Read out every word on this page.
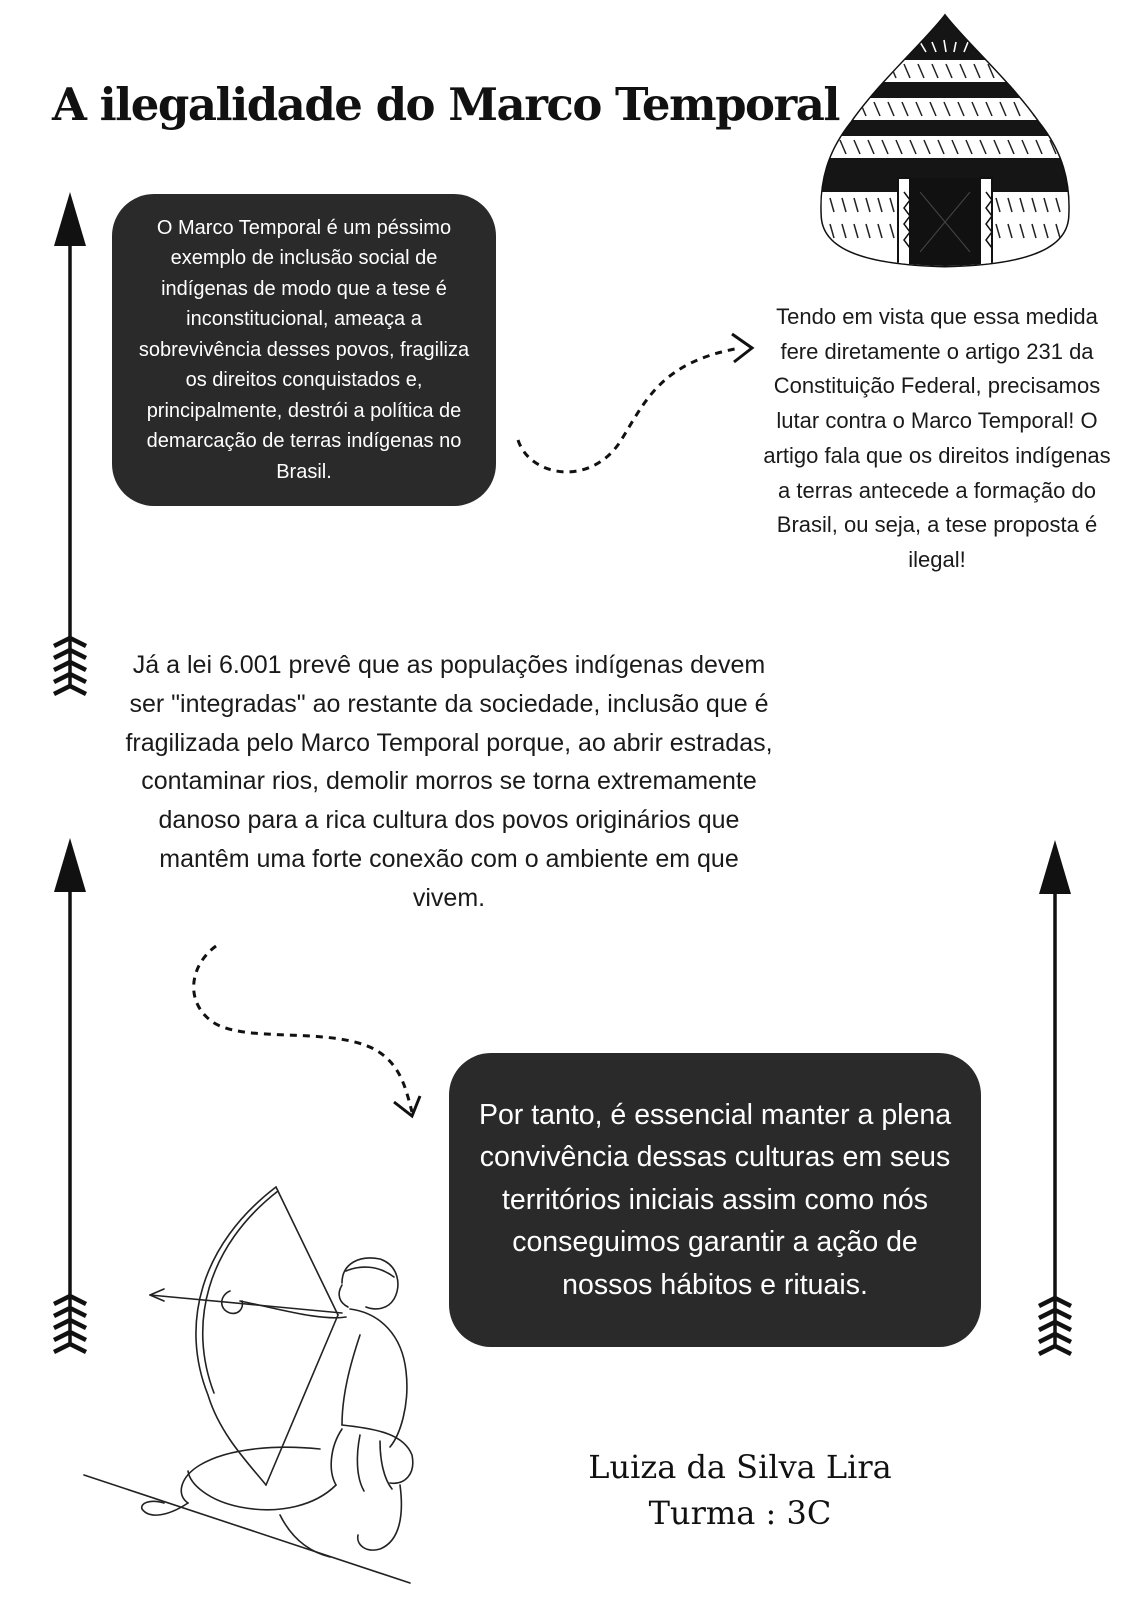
A ilegalidade do Marco Temporal
O Marco Temporal é um péssimo exemplo de inclusão social de indígenas de modo que a tese é inconstitucional, ameaça a sobrevivência desses povos, fragiliza os direitos conquistados e, principalmente, destrói a política de demarcação de terras indígenas no Brasil.
Tendo em vista que essa medida fere diretamente o artigo 231 da Constituição Federal, precisamos lutar contra o Marco Temporal! O artigo fala que os direitos indígenas a terras antecede a formação do Brasil, ou seja, a tese proposta é ilegal!
Já a lei 6.001 prevê que as populações indígenas devem ser "integradas" ao restante da sociedade, inclusão que é fragilizada pelo Marco Temporal porque, ao abrir estradas, contaminar rios, demolir morros se torna extremamente danoso para a rica cultura dos povos originários que mantêm uma forte conexão com o ambiente em que vivem.
Por tanto, é essencial manter a plena convivência dessas culturas em seus territórios iniciais assim como nós conseguimos garantir a ação de nossos hábitos e rituais.
Luiza da Silva Lira
Turma : 3C
